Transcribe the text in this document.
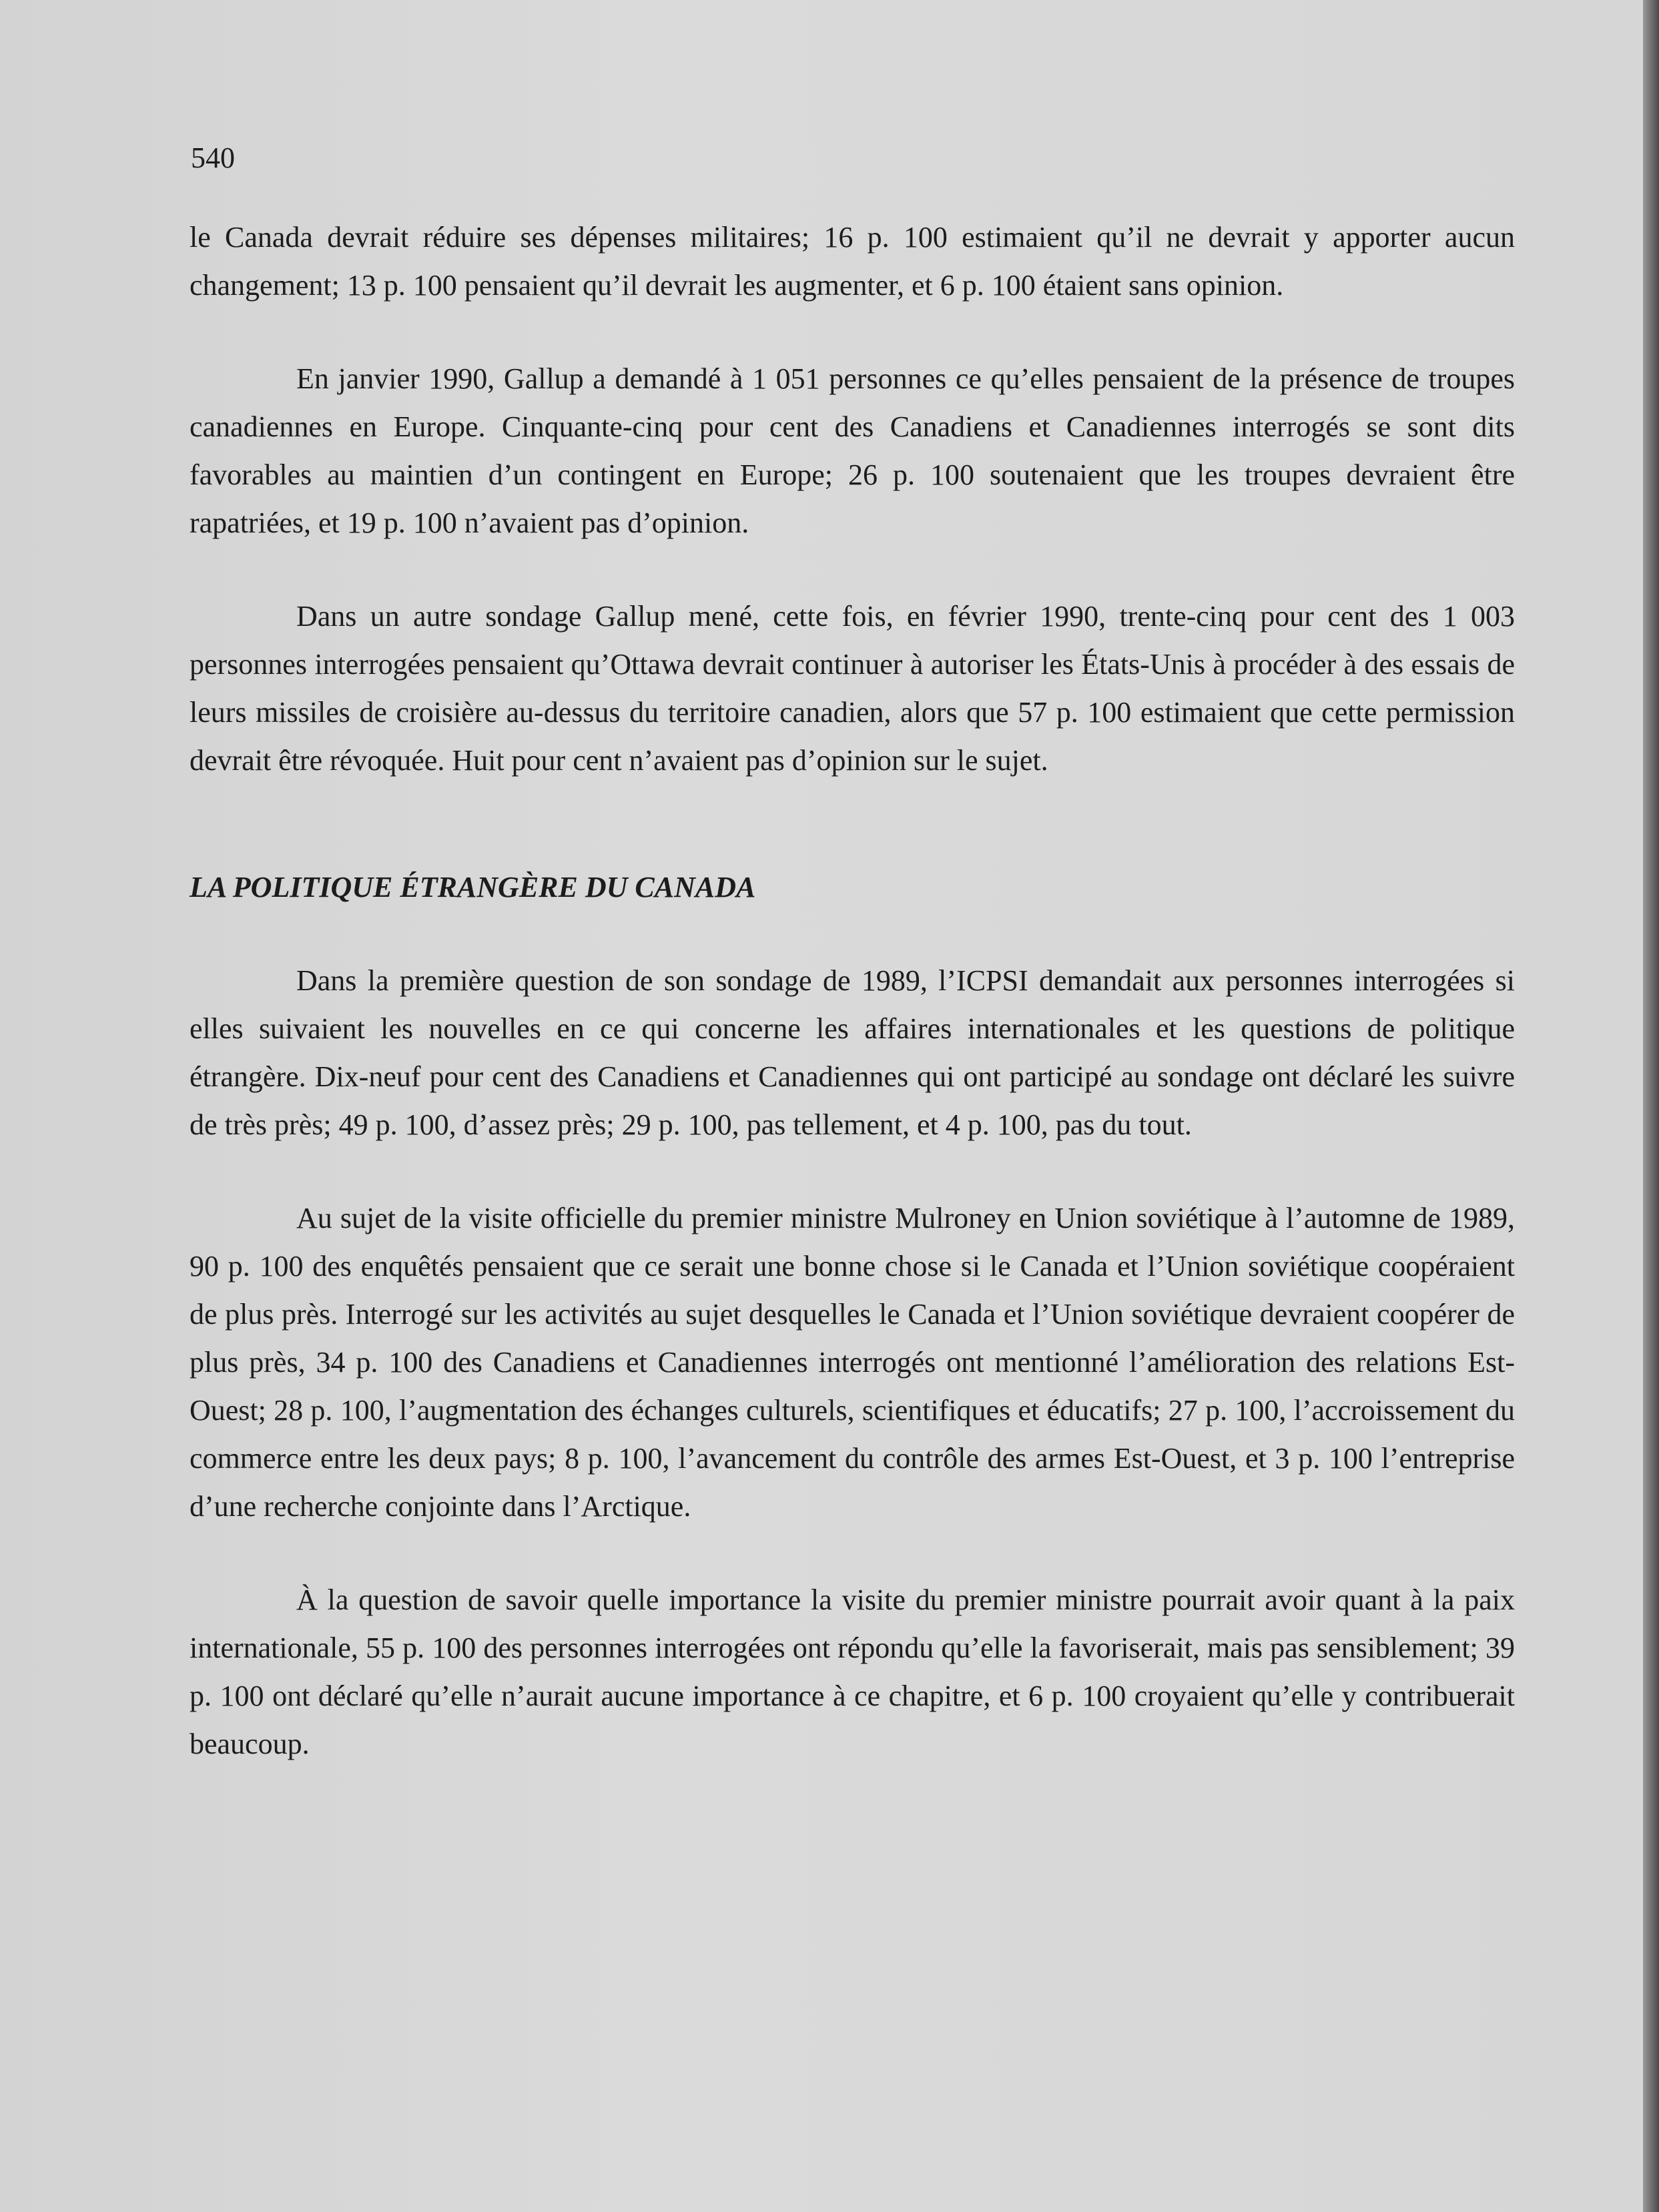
540

le Canada devrait réduire ses dépenses militaires; 16 p. 100 estimaient qu’il ne devrait y apporter aucun changement; 13 p. 100 pensaient qu’il devrait les augmenter, et 6 p. 100 étaient sans opinion.

En janvier 1990, Gallup a demandé à 1 051 personnes ce qu’elles pensaient de la présence de troupes canadiennes en Europe. Cinquante-cinq pour cent des Canadiens et Canadiennes interrogés se sont dits favorables au maintien d’un contingent en Europe; 26 p. 100 soutenaient que les troupes devraient être rapatriées, et 19 p. 100 n’avaient pas d’opinion.

Dans un autre sondage Gallup mené, cette fois, en février 1990, trente-cinq pour cent des 1 003 personnes interrogées pensaient qu’Ottawa devrait continuer à autoriser les États-Unis à procéder à des essais de leurs missiles de croisière au-dessus du territoire canadien, alors que 57 p. 100 estimaient que cette permission devrait être révoquée. Huit pour cent n’avaient pas d’opinion sur le sujet.

LA POLITIQUE ÉTRANGÈRE DU CANADA

Dans la première question de son sondage de 1989, l’ICPSI demandait aux personnes interrogées si elles suivaient les nouvelles en ce qui concerne les affaires internationales et les questions de politique étrangère. Dix-neuf pour cent des Canadiens et Canadiennes qui ont participé au sondage ont déclaré les suivre de très près; 49 p. 100, d’assez près; 29 p. 100, pas tellement, et 4 p. 100, pas du tout.

Au sujet de la visite officielle du premier ministre Mulroney en Union soviétique à l’automne de 1989, 90 p. 100 des enquêtés pensaient que ce serait une bonne chose si le Canada et l’Union soviétique coopéraient de plus près. Interrogé sur les activités au sujet desquelles le Canada et l’Union soviétique devraient coopérer de plus près, 34 p. 100 des Canadiens et Canadiennes interrogés ont mentionné l’amélioration des relations Est-Ouest; 28 p. 100, l’augmentation des échanges culturels, scientifiques et éducatifs; 27 p. 100, l’accroissement du commerce entre les deux pays; 8 p. 100, l’avancement du contrôle des armes Est-Ouest, et 3 p. 100 l’entreprise d’une recherche conjointe dans l’Arctique.

À la question de savoir quelle importance la visite du premier ministre pourrait avoir quant à la paix internationale, 55 p. 100 des personnes interrogées ont répondu qu’elle la favoriserait, mais pas sensiblement; 39 p. 100 ont déclaré qu’elle n’aurait aucune importance à ce chapitre, et 6 p. 100 croyaient qu’elle y contribuerait beaucoup.
